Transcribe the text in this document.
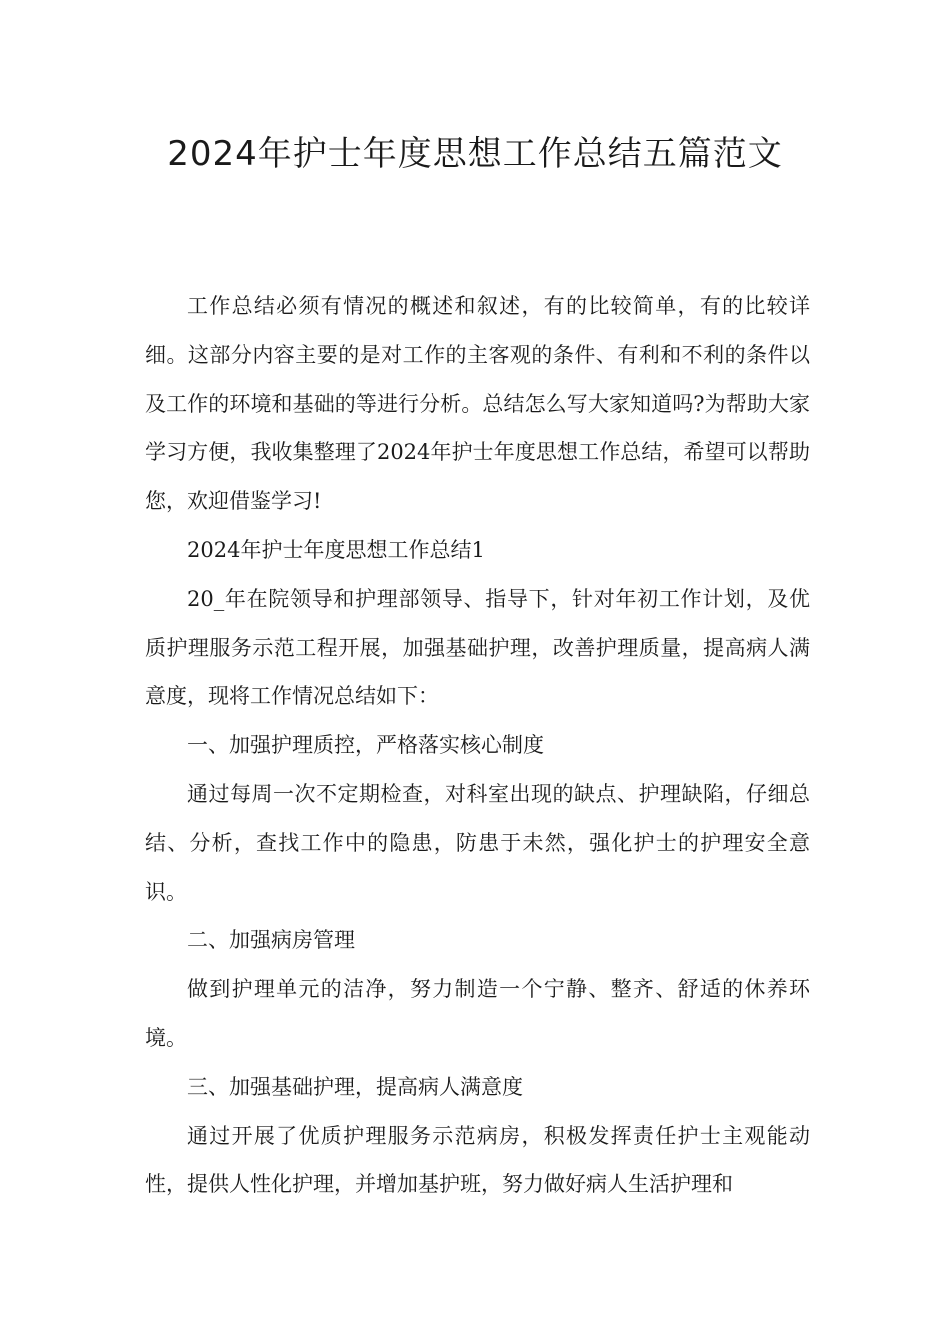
2024年护士年度思想工作总结五篇范文

工作总结必须有情况的概述和叙述，有的比较简单，有的比较详细。这部分内容主要的是对工作的主客观的条件、有利和不利的条件以及工作的环境和基础的等进行分析。总结怎么写大家知道吗?为帮助大家学习方便，我收集整理了2024年护士年度思想工作总结，希望可以帮助您，欢迎借鉴学习!

2024年护士年度思想工作总结1

20_年在院领导和护理部领导、指导下，针对年初工作计划，及优质护理服务示范工程开展，加强基础护理，改善护理质量，提高病人满意度，现将工作情况总结如下：

一、加强护理质控，严格落实核心制度

通过每周一次不定期检查，对科室出现的缺点、护理缺陷，仔细总结、分析，查找工作中的隐患，防患于未然，强化护士的护理安全意识。

二、加强病房管理

做到护理单元的洁净，努力制造一个宁静、整齐、舒适的休养环境。

三、加强基础护理，提高病人满意度

通过开展了优质护理服务示范病房，积极发挥责任护士主观能动性，提供人性化护理，并增加基护班，努力做好病人生活护理和
